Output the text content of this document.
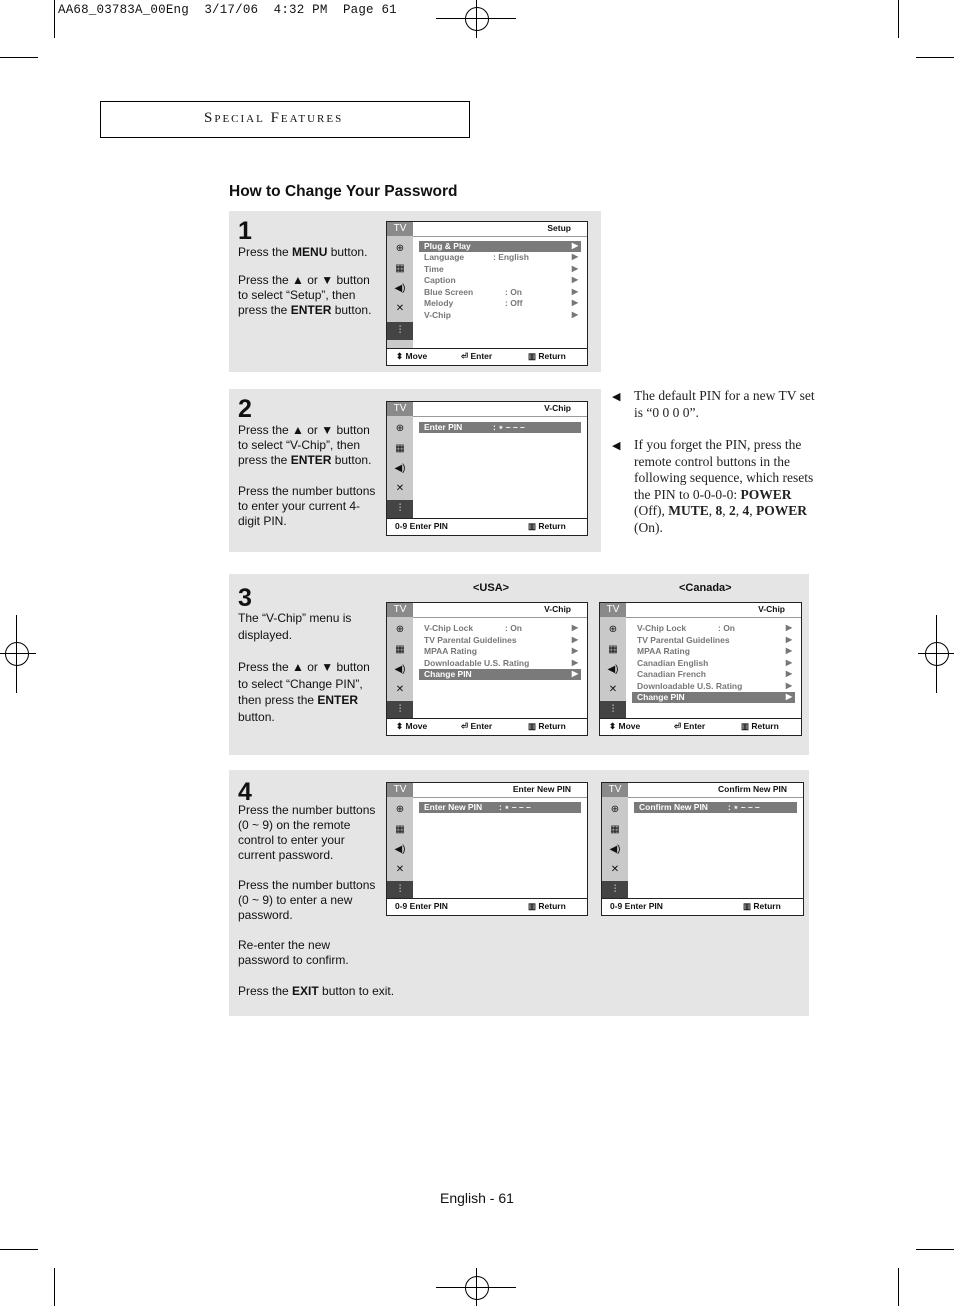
AA68_03783A_00Eng  3/17/06  4:32 PM  Page 61
Special Features
How to Change Your Password
1
Press the MENU button.
Press the ▲ or ▼ button
to select “Setup”, then
press the ENTER button.
TV
⊕
▦
◀)
✕
⫶
Setup
Plug & Play	▶
Language	: English	▶
Time	▶
Caption	▶
Blue Screen	: On	▶
Melody	: Off	▶
V-Chip	▶
⬍ Move	⏎ Enter	▥ Return
2
Press the ▲ or ▼ button
to select “V-Chip”, then
press the ENTER button.
Press the number buttons
to enter your current 4-
digit PIN.
TV
⊕
▦
◀)
✕
⫶
V-Chip
Enter PIN	: ⋆ – – –
0-9 Enter PIN	▥ Return
◀ The default PIN for a new TV set
is “0 0 0 0”.
◀ If you forget the PIN, press the
remote control buttons in the
following sequence, which resets
the PIN to 0-0-0-0: POWER
(Off), MUTE, 8, 2, 4, POWER
(On).
3
The “V-Chip” menu is
displayed.
Press the ▲ or ▼ button
to select “Change PIN”,
then press the ENTER
button.
<USA>	<Canada>
TV
⊕
▦
◀)
✕
⫶
V-Chip
V-Chip Lock	: On	▶
TV Parental Guidelines	▶
MPAA Rating	▶
Downloadable U.S. Rating	▶
Change PIN	▶
⬍ Move	⏎ Enter	▥ Return
TV
⊕
▦
◀)
✕
⫶
V-Chip
V-Chip Lock	: On	▶
TV Parental Guidelines	▶
MPAA Rating	▶
Canadian English	▶
Canadian French	▶
Downloadable U.S. Rating	▶
Change PIN	▶
⬍ Move	⏎ Enter	▥ Return
4
Press the number buttons
(0 ~ 9) on the remote
control to enter your
current password.
Press the number buttons
(0 ~ 9) to enter a new
password.
Re-enter the new
password to confirm.
Press the EXIT button to exit.
TV
⊕
▦
◀)
✕
⫶
Enter New PIN
Enter New PIN : ⋆ – – –
0-9 Enter PIN	▥ Return
TV
⊕
▦
◀)
✕
⫶
Confirm New PIN
Confirm New PIN : ⋆ – – –
0-9 Enter PIN	▥ Return
English - 61
